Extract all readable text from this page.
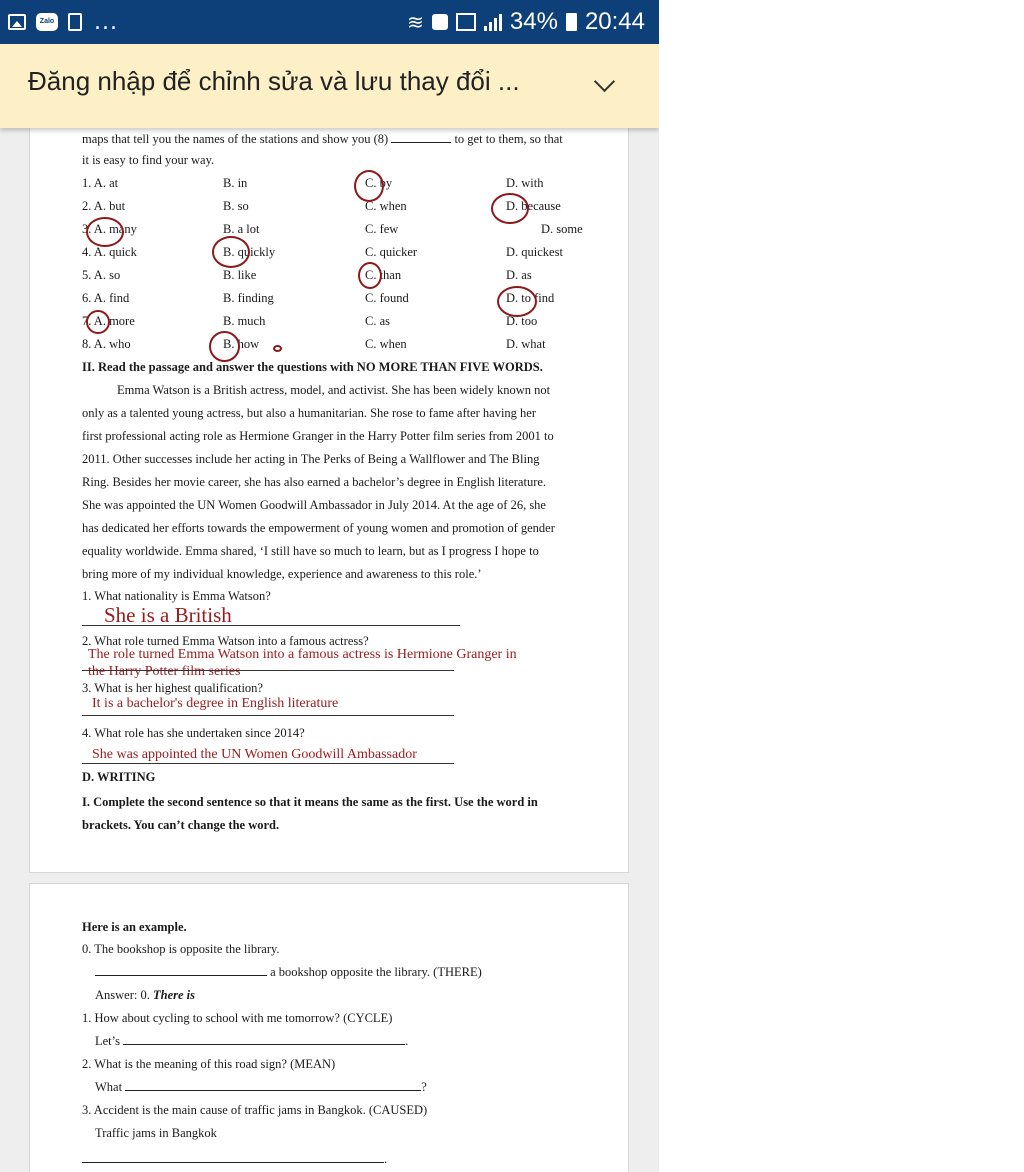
Zalo ...	≋	34% 20:44
maps that tell you the names of the stations and show you (8)	to get to them, so that
it is easy to find your way.
1. A. at	B. in	C. by	D. with
2. A. but	B. so	C. when	D. because
3. A. many	B. a lot	C. few	D. some
4. A. quick	B. quickly	C. quicker	D. quickest
5. A. so	B. like	C. than	D. as
6. A. find	B. finding	C. found	D. to find
7. A. more	B. much	C. as	D. too
8. A. who	B. how	C. when	D. what
II. Read the passage and answer the questions with NO MORE THAN FIVE WORDS.
Emma Watson is a British actress, model, and activist. She has been widely known not
only as a talented young actress, but also a humanitarian. She rose to fame after having her
first professional acting role as Hermione Granger in the Harry Potter film series from 2001 to
2011. Other successes include her acting in The Perks of Being a Wallflower and The Bling
Ring. Besides her movie career, she has also earned a bachelor’s degree in English literature.
She was appointed the UN Women Goodwill Ambassador in July 2014. At the age of 26, she
has dedicated her efforts towards the empowerment of young women and promotion of gender
equality worldwide. Emma shared, ‘I still have so much to learn, but as I progress I hope to
bring more of my individual knowledge, experience and awareness to this role.’
1. What nationality is Emma Watson?
She is a British
2. What role turned Emma Watson into a famous actress?
The role turned Emma Watson into a famous actress is Hermione Granger in
the Harry Potter film series
3. What is her highest qualification?
It is a bachelor's degree in English literature
4. What role has she undertaken since 2014?
She was appointed the UN Women Goodwill Ambassador
D. WRITING
I. Complete the second sentence so that it means the same as the first. Use the word in
brackets. You can’t change the word.
Here is an example.
0. The bookshop is opposite the library.
a bookshop opposite the library. (THERE)
Answer: 0. There is
1. How about cycling to school with me tomorrow? (CYCLE)
Let’s	.
2. What is the meaning of this road sign? (MEAN)
What	?
3. Accident is the main cause of traffic jams in Bangkok. (CAUSED)
Traffic jams in Bangkok
.
Đăng nhập để chỉnh sửa và lưu thay đổi ...
